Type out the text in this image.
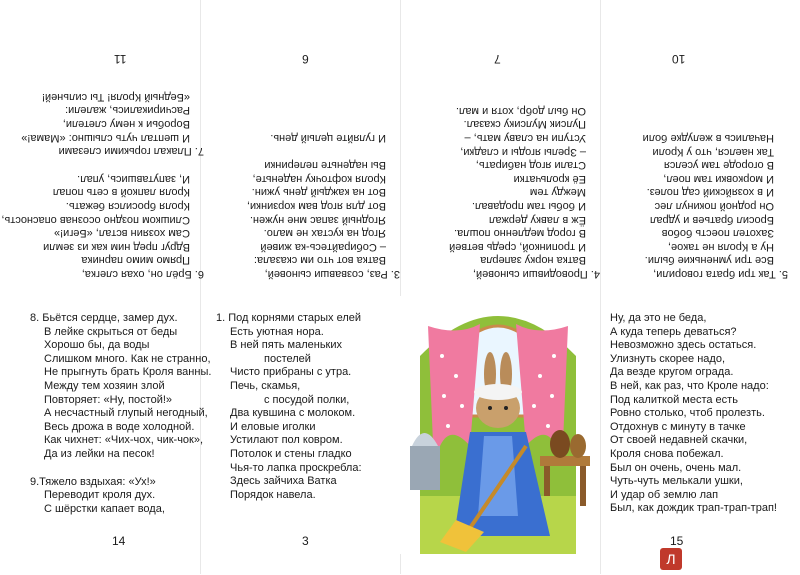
6. Брёл он, охая слегка,
Прямо мимо парника
Вдруг пред ним как из земли
Сам хозяин встал, «Беги!»
Слишком поздно осознав опасность,
Кроля бросился бежать.
Кроля лапкой в сеть попал
И, запутавшись, упал.
7. Плакал горькими слезами
И шептал чуть слышно: «Мама!»
Воробьи к нему слетели,
Расчирикались, жалели:
«Бедный Кроля! Ты сильней!
11
3. Раз, созвавши сыновей,
Ватка вот что им сказала:
– Собирайтесь-ка живей
Ягод на кустах не мало.
Ягодный запас мне нужен.
Вот для ягод вам корзинки,
Вот на каждый день ужин.
Кроля кофточку наденьте,
Вы наденьте пелеринки
И гуляйте целый день.
6
4. Проводивши сыновей,
Ватка норку заперла
И тропинкой, средь ветвей
В город медленно пошла.
Ёж в лавку держал
И бобы там продавал.
Между тем
Её крольчатки
Стали ягод набирать,
– Зрелы ягоды и сладки,
Уступи на славу мать, –
Пулсик Мулсику сказал.
Он был добр, хотя и мал.
7
5. Так три брата говорили,
Все три умненькие были.
Ну а Кроля не такое,
Захотел поесть бобов
Бросил братьев и удрал
Он родной покинул лес
И в хозяйский сад полез.
И морковки там поел,
В огороде там уселся
Так наелся, что у Кроли
Начались в желудке боли
10
8. Бьётся сердце, замер дух.
В лейке скрыться от беды
Хорошо бы, да воды
Слишком много. Как не странно,
Не прыгнуть брать Кроля ванны.
Между тем хозяин злой
Повторяет: «Ну, постой!»
А несчастный глупый негодный,
Весь дрожа в воде холодной.
Как чихнет: «Чих-чох, чик-чок»,
Да из лейки на песок!
9.Тяжело вздыхая: «Ух!»
Переводит кроля дух.
С шёрстки капает вода,
14
1. Под корнями старых елей
Есть уютная нора.
В ней пять маленьких
постелей
Чисто прибраны с утра.
Печь, скамья,
с посудой полки,
Два кувшина с молоком.
И еловые иголки
Устилают пол ковром.
Потолок и стены гладко
Чья-то лапка проскребла:
Здесь зайчиха Ватка
Порядок навела.
3
Ну, да это не беда,
А куда теперь деваться?
Невозможно здесь остаться.
Улизнуть скорее надо,
Да везде кругом ограда.
В ней, как раз, что Кроле надо:
Под калиткой места есть
Ровно столько, чтоб пролезть.
Отдохнув с минуту в тачке
От своей недавней скачки,
Кроля снова побежал.
Был он очень, очень мал.
Чуть-чуть мелькали ушки,
И удар об землю лап
Был, как дождик трап-трап-трап!
15
Л
